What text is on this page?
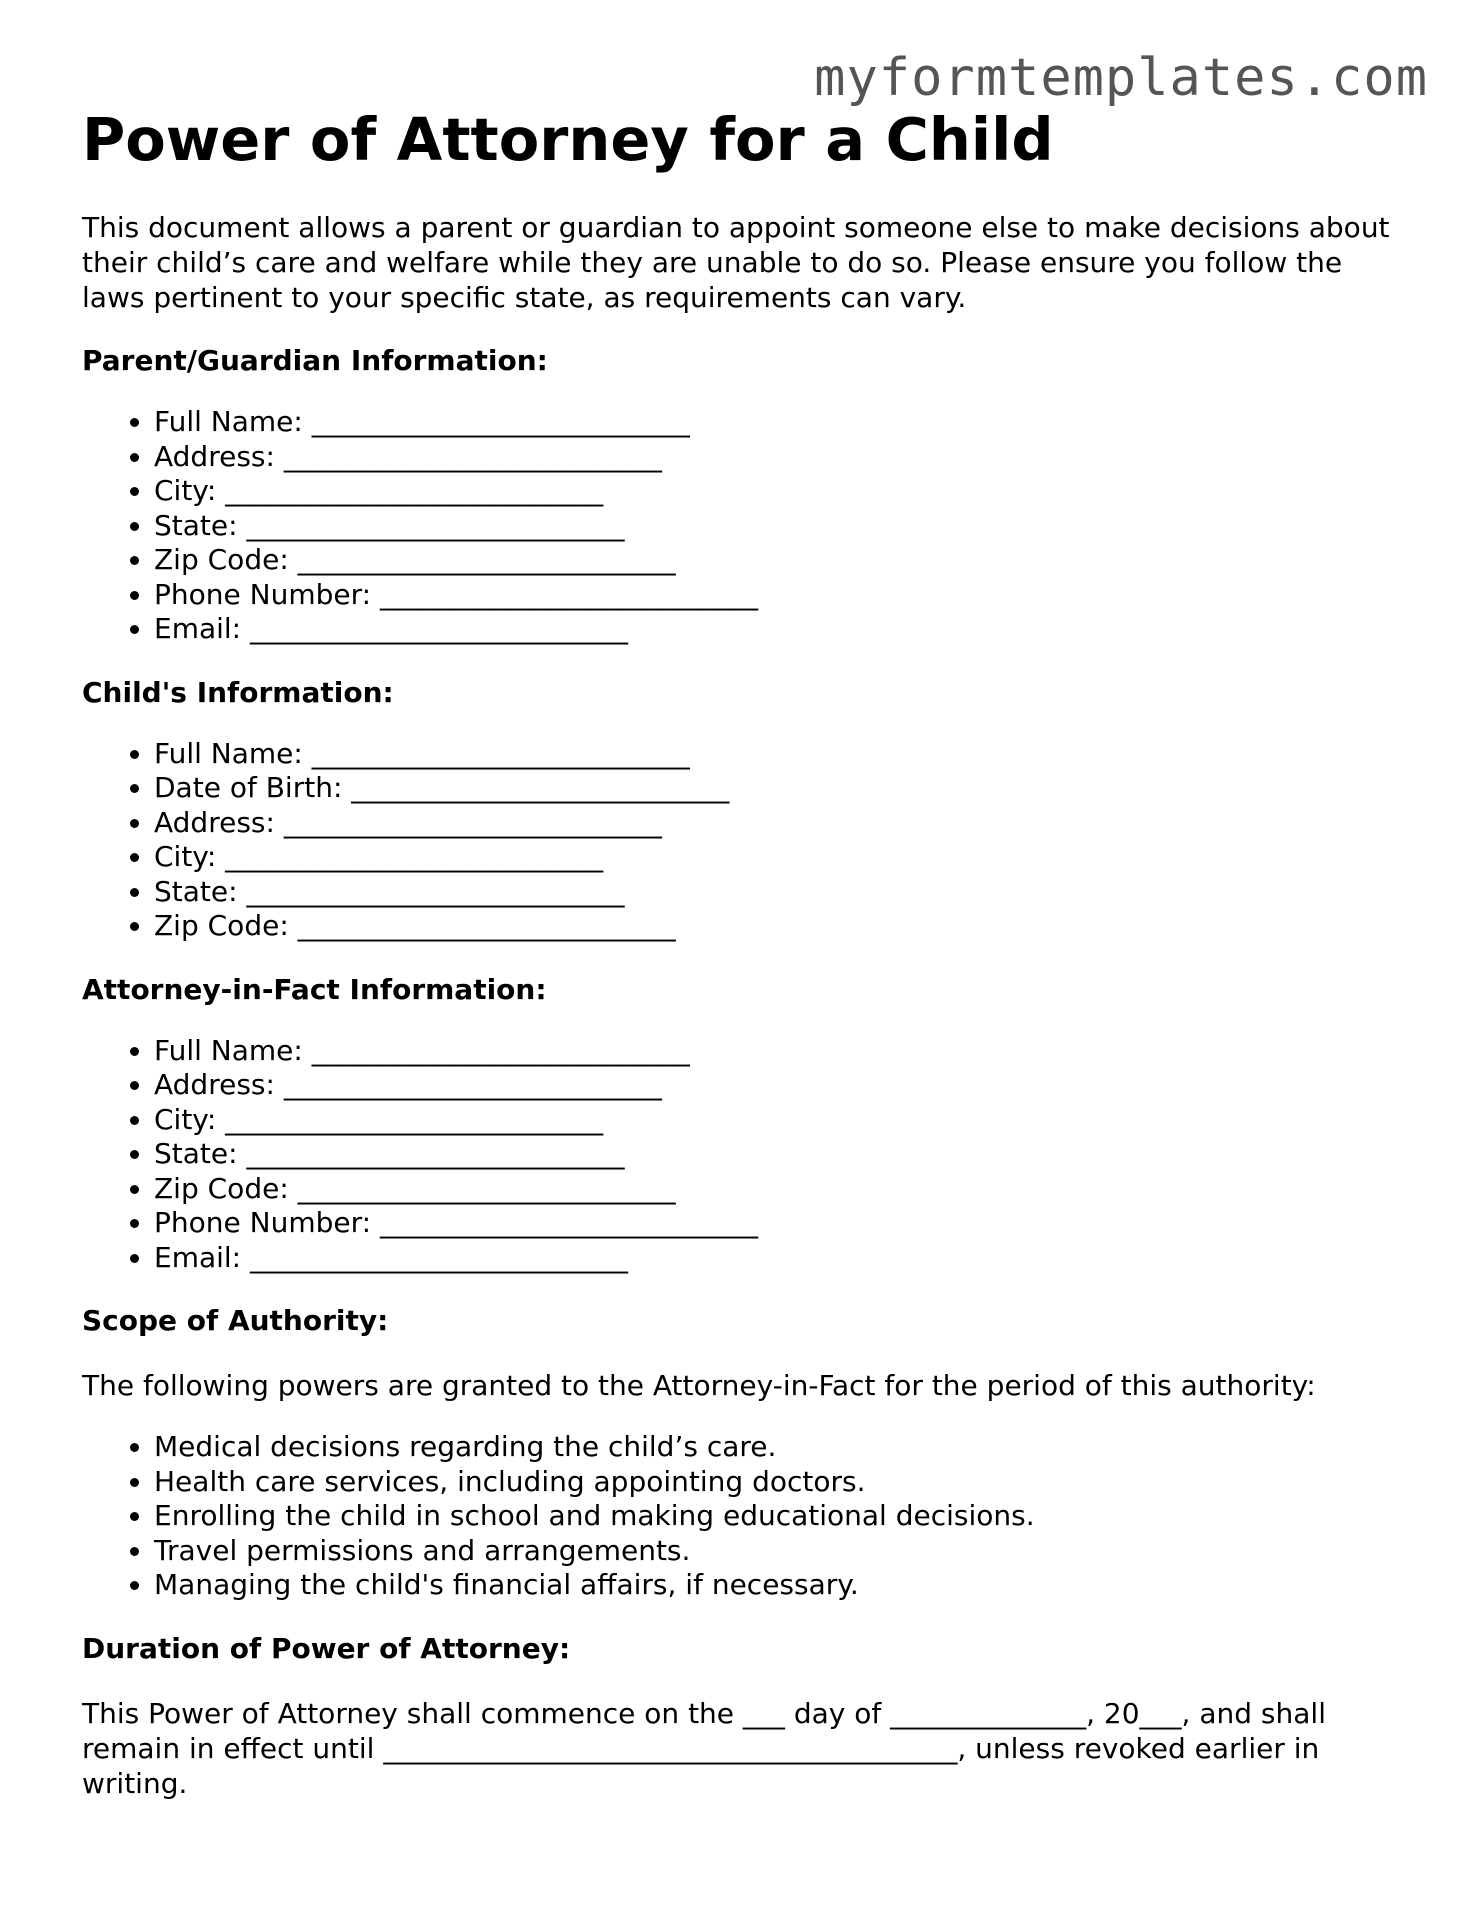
myformtemplates.com
Power of Attorney for a Child

This document allows a parent or guardian to appoint someone else to make decisions about their child’s care and welfare while they are unable to do so. Please ensure you follow the laws pertinent to your specific state, as requirements can vary.

Parent/Guardian Information:
• Full Name: ___________________________
• Address: ___________________________
• City: ___________________________
• State: ___________________________
• Zip Code: ___________________________
• Phone Number: ___________________________
• Email: ___________________________
Child's Information:
• Full Name: ___________________________
• Date of Birth: ___________________________
• Address: ___________________________
• City: ___________________________
• State: ___________________________
• Zip Code: ___________________________
Attorney-in-Fact Information:
• Full Name: ___________________________
• Address: ___________________________
• City: ___________________________
• State: ___________________________
• Zip Code: ___________________________
• Phone Number: ___________________________
• Email: ___________________________
Scope of Authority:

The following powers are granted to the Attorney-in-Fact for the period of this authority:

• Medical decisions regarding the child’s care.
• Health care services, including appointing doctors.
• Enrolling the child in school and making educational decisions.
• Travel permissions and arrangements.
• Managing the child's financial affairs, if necessary.
Duration of Power of Attorney:

This Power of Attorney shall commence on the ___ day of ______________, 20___, and shall remain in effect until _________________________________________, unless revoked earlier in writing.
